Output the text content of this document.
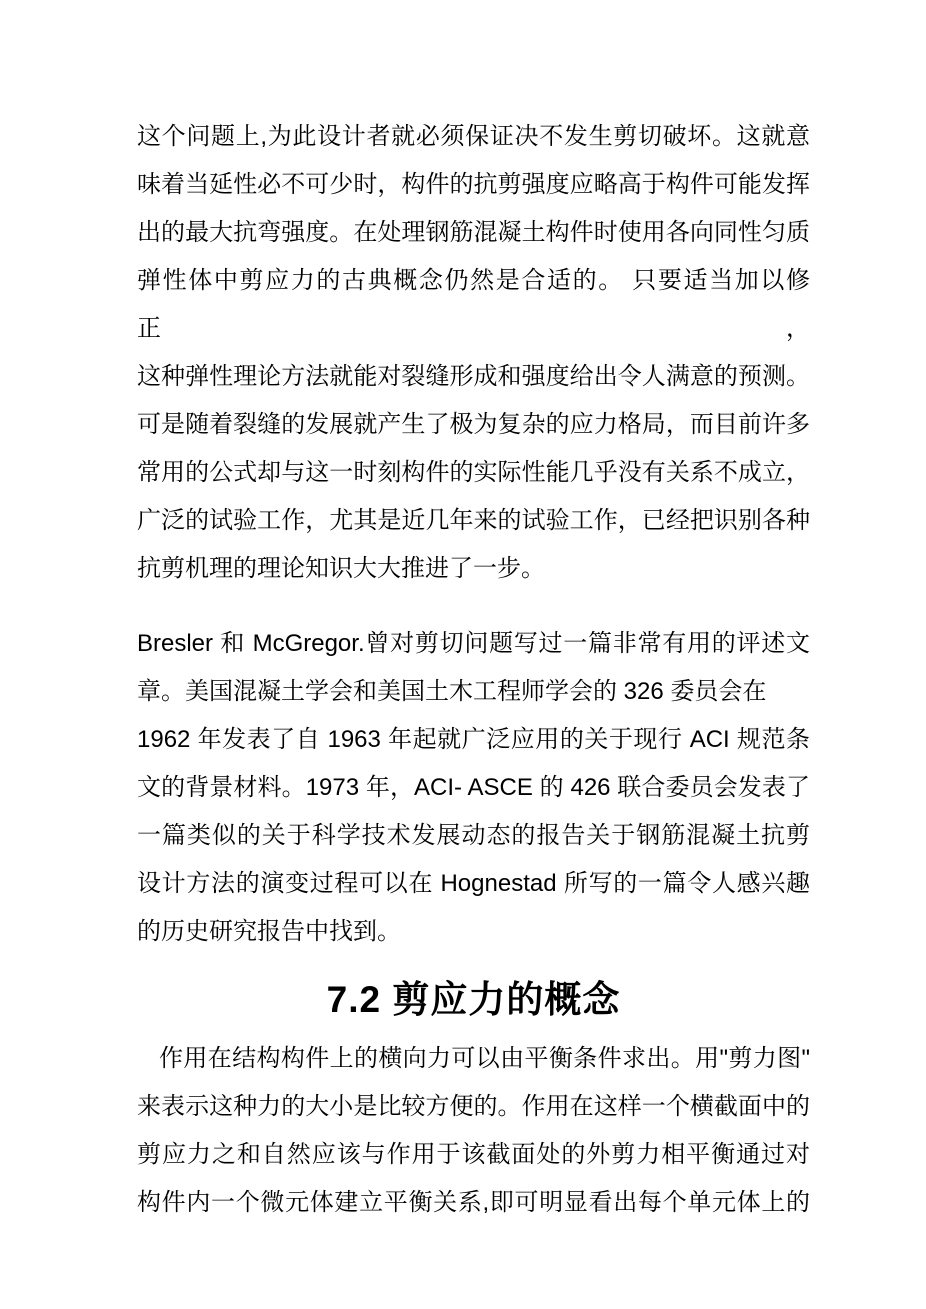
这个问题上,为此设计者就必须保证决不发生剪切破坏。这就意
味着当延性必不可少时，构件的抗剪强度应略高于构件可能发挥
出的最大抗弯强度。在处理钢筋混凝土构件时使用各向同性匀质
弹性体中剪应力的古典概念仍然是合适的。 只要适当加以修正，
这种弹性理论方法就能对裂缝形成和强度给出令人满意的预测。
可是随着裂缝的发展就产生了极为复杂的应力格局，而目前许多
常用的公式却与这一时刻构件的实际性能几乎没有关系不成立，
广泛的试验工作，尤其是近几年来的试验工作，已经把识别各种
抗剪机理的理论知识大大推进了一步。
Bresler 和 McGregor.曾对剪切问题写过一篇非常有用的评述文
章。美国混凝土学会和美国土木工程师学会的 326 委员会在
1962 年发表了自 1963 年起就广泛应用的关于现行 ACI 规范条
文的背景材料。1973 年，ACI- ASCE 的 426 联合委员会发表了
一篇类似的关于科学技术发展动态的报告关于钢筋混凝土抗剪
设计方法的演变过程可以在 Hognestad 所写的一篇令人感兴趣
的历史研究报告中找到。
7.2 剪应力的概念
作用在结构构件上的横向力可以由平衡条件求出。用"剪力图"
来表示这种力的大小是比较方便的。作用在这样一个横截面中的
剪应力之和自然应该与作用于该截面处的外剪力相平衡通过对
构件内一个微元体建立平衡关系,即可明显看出每个单元体上的
